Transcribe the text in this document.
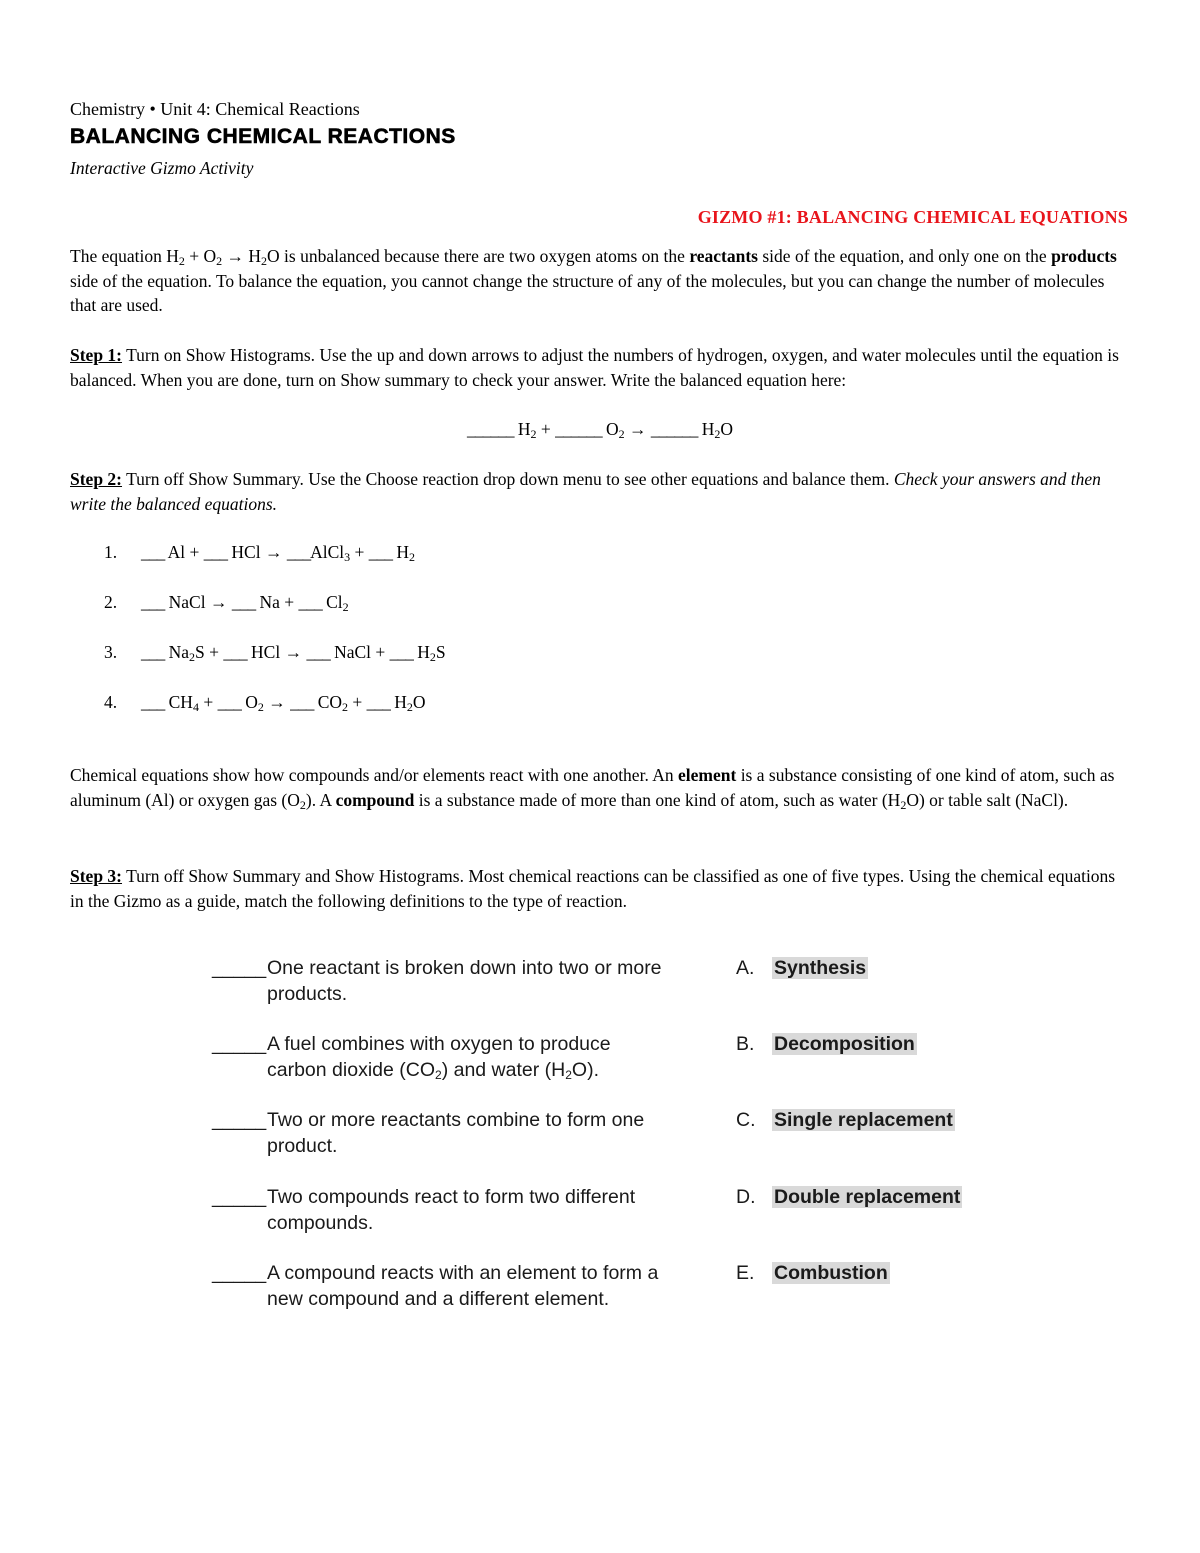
Chemistry • Unit 4: Chemical Reactions
BALANCING CHEMICAL REACTIONS
Interactive Gizmo Activity
GIZMO #1: BALANCING CHEMICAL EQUATIONS
The equation $H_2 + O_2 \to H_2O$ is unbalanced because there are two oxygen atoms on the reactants side of the equation, and only one on the products side of the equation. To balance the equation, you cannot change the structure of any of the molecules, but you can change the number of molecules that are used.
Step 1: Turn on Show Histograms. Use the up and down arrows to adjust the numbers of hydrogen, oxygen, and water molecules until the equation is balanced. When you are done, turn on Show summary to check your answer. Write the balanced equation here:
______ $H_2$ + ______ $O_2$ → ______ $H_2O$
Step 2: Turn off Show Summary. Use the Choose reaction drop down menu to see other equations and balance them. Check your answers and then write the balanced equations.
1. ___ Al + ___ HCl → ___AlCl$_3$ + ___ $H_2$
2. ___ NaCl → ___ Na + ___ $Cl_2$
3. ___ $Na_2S$ + ___ HCl → ___ NaCl + ___ $H_2S$
4. ___ $CH_4$ + ___ $O_2$ → ___ $CO_2$ + ___ $H_2O$
Chemical equations show how compounds and/or elements react with one another. An element is a substance consisting of one kind of atom, such as aluminum (Al) or oxygen gas $(O_2)$. A compound is a substance made of more than one kind of atom, such as water $(H_2O)$ or table salt (NaCl).
Step 3: Turn off Show Summary and Show Histograms. Most chemical reactions can be classified as one of five types. Using the chemical equations in the Gizmo as a guide, match the following definitions to the type of reaction.
_____One reactant is broken down into two or more products.
_____A fuel combines with oxygen to produce carbon dioxide $(CO_2)$ and water $(H_2O)$.
_____Two or more reactants combine to form one product.
_____Two compounds react to form two different compounds.
_____A compound reacts with an element to form a new compound and a different element.
A. Synthesis
B. Decomposition
C. Single replacement
D. Double replacement
E. Combustion
